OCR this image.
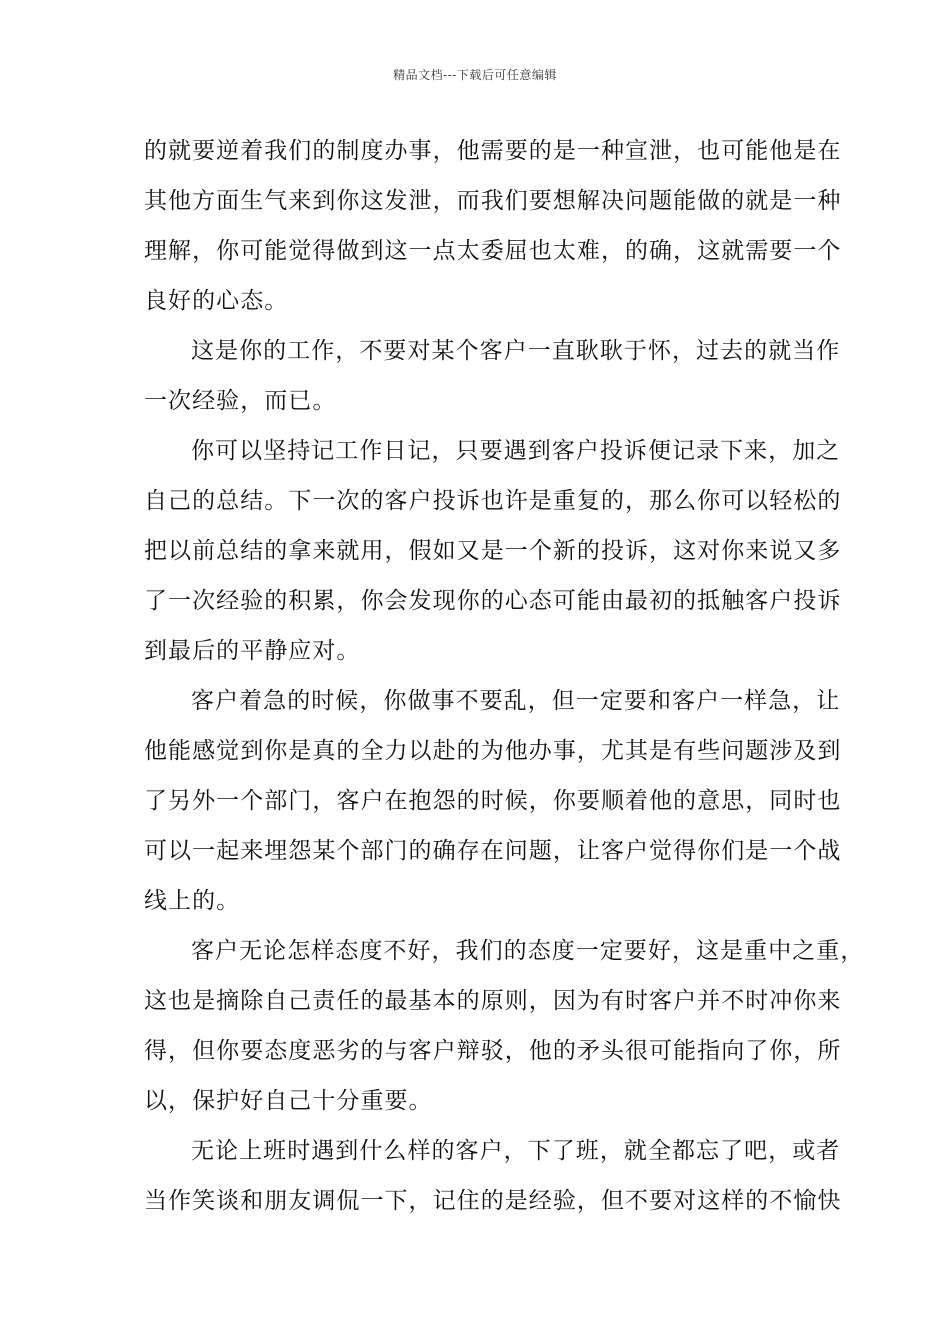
精品文档---下载后可任意编辑
的就要逆着我们的制度办事，他需要的是一种宣泄，也可能他是在
其他方面生气来到你这发泄，而我们要想解决问题能做的就是一种
理解，你可能觉得做到这一点太委屈也太难，的确，这就需要一个
良好的心态。
这是你的工作，不要对某个客户一直耿耿于怀，过去的就当作
一次经验，而已。
你可以坚持记工作日记，只要遇到客户投诉便记录下来，加之
自己的总结。下一次的客户投诉也许是重复的，那么你可以轻松的
把以前总结的拿来就用，假如又是一个新的投诉，这对你来说又多
了一次经验的积累，你会发现你的心态可能由最初的抵触客户投诉
到最后的平静应对。
客户着急的时候，你做事不要乱，但一定要和客户一样急，让
他能感觉到你是真的全力以赴的为他办事，尤其是有些问题涉及到
了另外一个部门，客户在抱怨的时候，你要顺着他的意思，同时也
可以一起来埋怨某个部门的确存在问题，让客户觉得你们是一个战
线上的。
客户无论怎样态度不好，我们的态度一定要好，这是重中之重，
这也是摘除自己责任的最基本的原则，因为有时客户并不时冲你来
得，但你要态度恶劣的与客户辩驳，他的矛头很可能指向了你，所
以，保护好自己十分重要。
无论上班时遇到什么样的客户，下了班，就全都忘了吧，或者
当作笑谈和朋友调侃一下，记住的是经验，但不要对这样的不愉快
